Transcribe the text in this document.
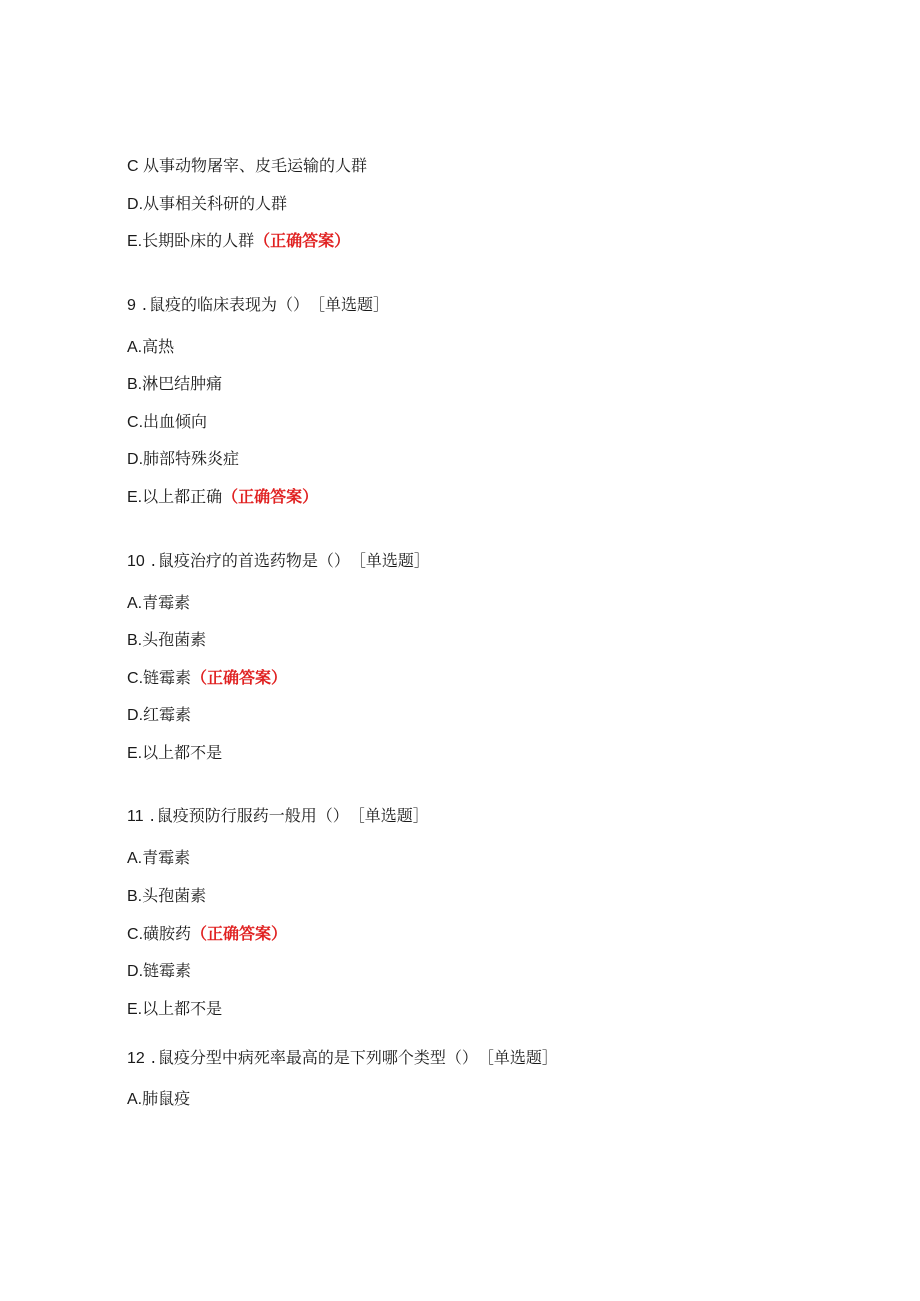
C 从事动物屠宰、皮毛运输的人群
D.从事相关科研的人群
E.长期卧床的人群（正确答案）
9 . 鼠疫的临床表现为（） ［单选题］
A.高热
B.淋巴结肿痛
C.出血倾向
D.肺部特殊炎症
E.以上都正确（正确答案）
10 . 鼠疫治疗的首选药物是（） ［单选题］
A.青霉素
B.头孢菌素
C.链霉素（正确答案）
D.红霉素
E.以上都不是
11 . 鼠疫预防行服药一般用（） ［单选题］
A.青霉素
B.头孢菌素
C.磺胺药（正确答案）
D.链霉素
E.以上都不是
12 . 鼠疫分型中病死率最高的是下列哪个类型（） ［单选题］
A.肺鼠疫
